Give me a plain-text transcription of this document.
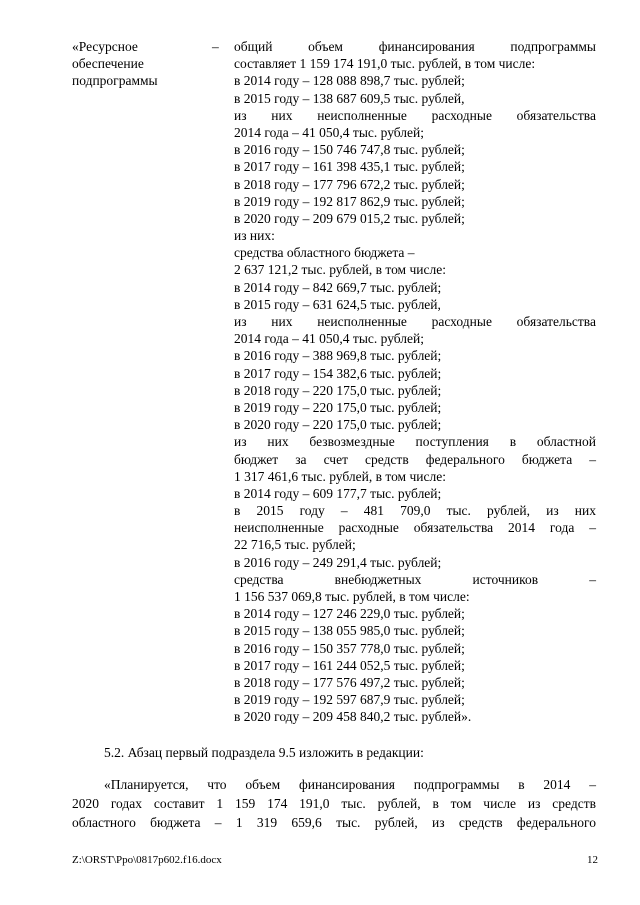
«Ресурсное
обеспечение
подпрограммы
– общий объем финансирования подпрограммы
составляет 1 159 174 191,0 тыс. рублей, в том числе:
в 2014 году – 128 088 898,7 тыс. рублей;
в 2015 году – 138 687 609,5 тыс. рублей,
из них неисполненные расходные обязательства
2014 года – 41 050,4 тыс. рублей;
в 2016 году – 150 746 747,8 тыс. рублей;
в 2017 году – 161 398 435,1 тыс. рублей;
в 2018 году – 177 796 672,2 тыс. рублей;
в 2019 году – 192 817 862,9 тыс. рублей;
в 2020 году – 209 679 015,2 тыс. рублей;
из них:
средства областного бюджета –
2 637 121,2 тыс. рублей, в том числе:
в 2014 году – 842 669,7 тыс. рублей;
в 2015 году – 631 624,5 тыс. рублей,
из них неисполненные расходные обязательства
2014 года – 41 050,4 тыс. рублей;
в 2016 году – 388 969,8 тыс. рублей;
в 2017 году – 154 382,6 тыс. рублей;
в 2018 году – 220 175,0 тыс. рублей;
в 2019 году – 220 175,0 тыс. рублей;
в 2020 году – 220 175,0 тыс. рублей;
из них безвозмездные поступления в областной
бюджет за счет средств федерального бюджета –
1 317 461,6 тыс. рублей, в том числе:
в 2014 году – 609 177,7 тыс. рублей;
в 2015 году – 481 709,0 тыс. рублей, из них
неисполненные расходные обязательства 2014 года –
22 716,5 тыс. рублей;
в 2016 году – 249 291,4 тыс. рублей;
средства внебюджетных источников –
1 156 537 069,8 тыс. рублей, в том числе:
в 2014 году – 127 246 229,0 тыс. рублей;
в 2015 году – 138 055 985,0 тыс. рублей;
в 2016 году – 150 357 778,0 тыс. рублей;
в 2017 году – 161 244 052,5 тыс. рублей;
в 2018 году – 177 576 497,2 тыс. рублей;
в 2019 году – 192 597 687,9 тыс. рублей;
в 2020 году – 209 458 840,2 тыс. рублей».
5.2. Абзац первый подраздела 9.5 изложить в редакции:
«Планируется, что объем финансирования подпрограммы в 2014 –
2020 годах составит 1 159 174 191,0 тыс. рублей, в том числе из средств
областного бюджета – 1 319 659,6 тыс. рублей, из средств федерального
Z:\ORST\Ppo\0817p602.f16.docx	12
